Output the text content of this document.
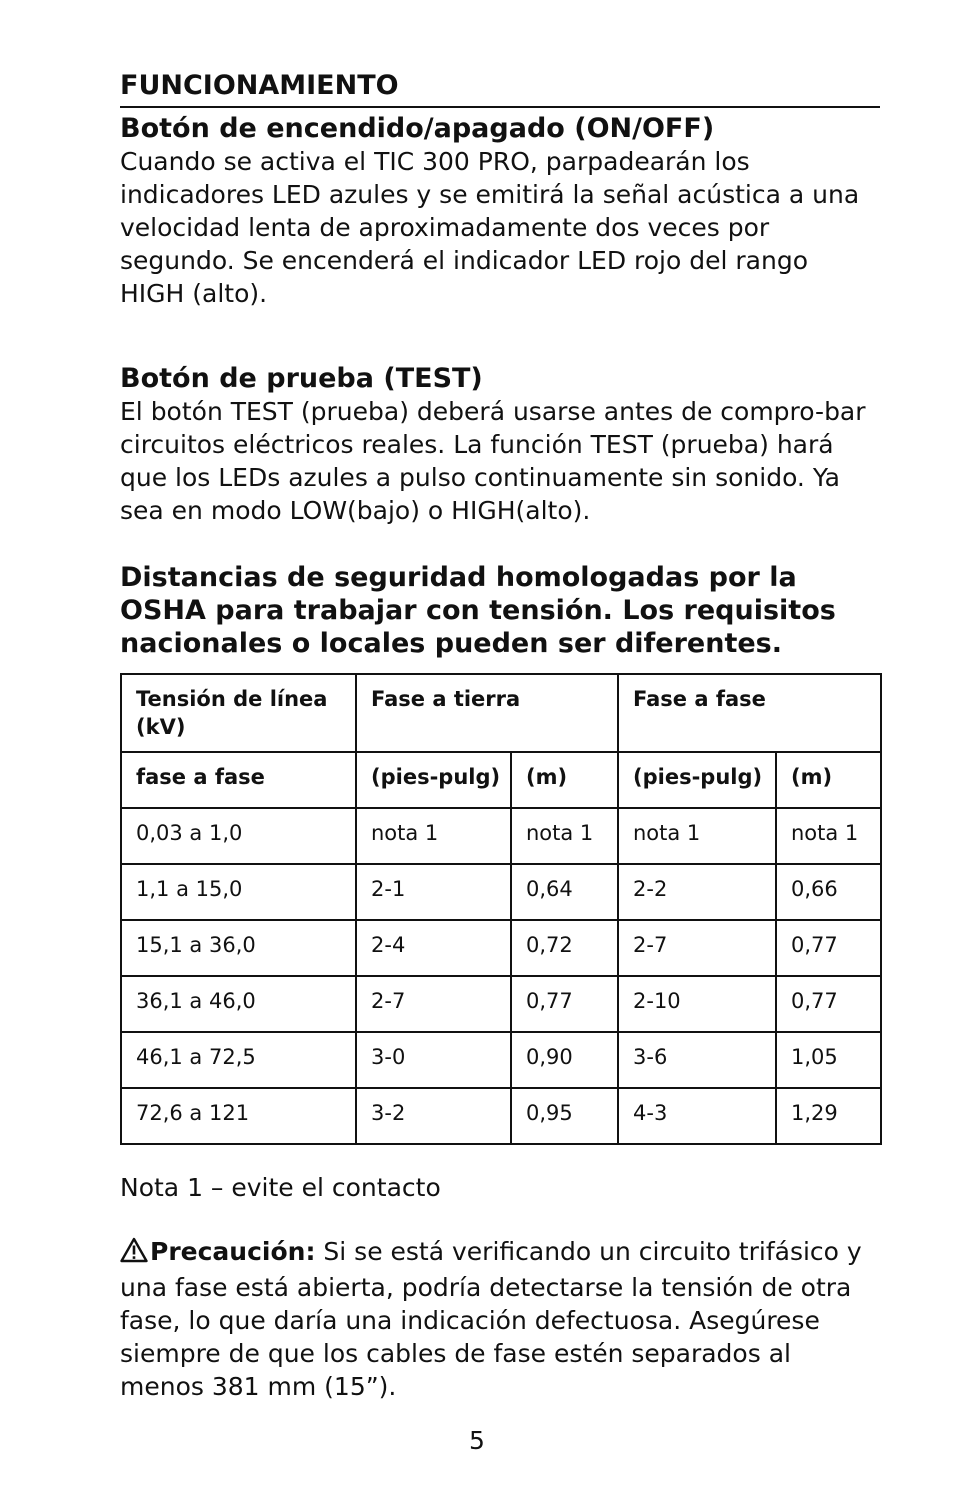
FUNCIONAMIENTO
Botón de encendido/apagado (ON/OFF)

Cuando se activa el TIC 300 PRO, parpadearán los indicadores LED azules y se emitirá la señal acústica a una velocidad lenta de aproximadamente dos veces por segundo. Se encenderá el indicador LED rojo del rango HIGH (alto).

Botón de prueba (TEST)

El botón TEST (prueba) deberá usarse antes de compro-bar circuitos eléctricos reales. La función TEST (prueba) hará que los LEDs azules a pulso continuamente sin sonido. Ya sea en modo LOW(bajo) o HIGH(alto).

Distancias de seguridad homologadas por la OSHA para trabajar con tensión. Los requisitos nacionales o locales pueden ser diferentes.
Tensión de línea (kV)	Fase a tierra		Fase a fase	
fase a fase	(pies-pulg)	(m)	(pies-pulg)	(m)
0,03 a 1,0	nota 1	nota 1	nota 1	nota 1
1,1 a 15,0	2-1	0,64	2-2	0,66
15,1 a 36,0	2-4	0,72	2-7	0,77
36,1 a 46,0	2-7	0,77	2-10	0,77
46,1 a 72,5	3-0	0,90	3-6	1,05
72,6 a 121	3-2	0,95	4-3	1,29

Nota 1 – evite el contacto

Precaución: Si se está verificando un circuito trifásico y una fase está abierta, podría detectarse la tensión de otra fase, lo que daría una indicación defectuosa. Asegúrese siempre de que los cables de fase estén separados al menos 381 mm (15”).

5
